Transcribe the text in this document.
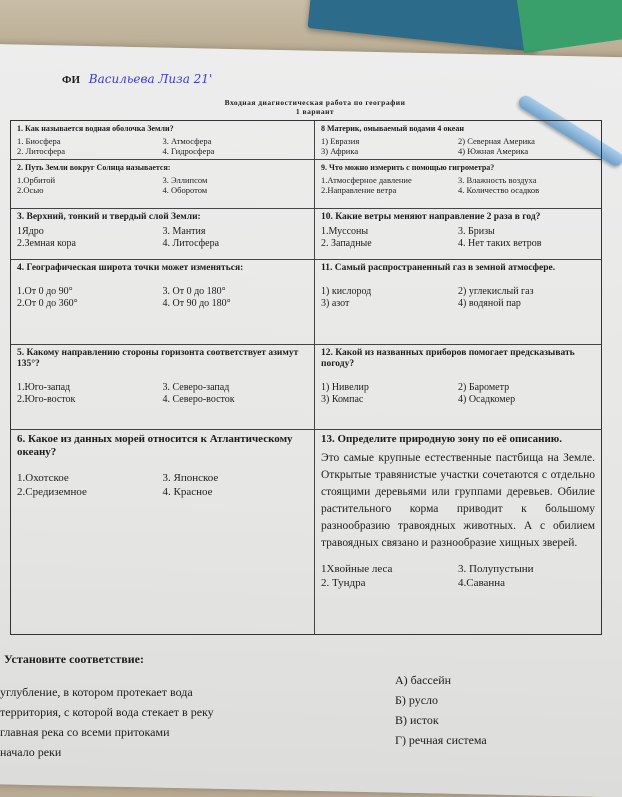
ФИ Васильева Лиза 21'
Входная диагностическая работа по географии
1 вариант
1. Как называется водная оболочка Земли?
1. Биосфера	3. Атмосфера
2. Литосфера	4. Гидросфера
8 Материк, омываемый водами 4 океан
1) Евразия	2) Северная Америка
3) Африка	4) Южная Америка
2. Путь Земли вокруг Солнца называется:
1.Орбитой	3. Эллипсом
2.Осью	4. Оборотом
9. Что можно измерить с помощью гигрометра?
1.Атмосферное давление	3. Влажность воздуха
2.Направление ветра	4. Количество осадков
3. Верхний, тонкий и твердый слой Земли:
1Ядро	3. Мантия
2.Земная кора	4. Литосфера
10. Какие ветры меняют направление 2 раза в год?
1.Муссоны	3. Бризы
2. Западные	4. Нет таких ветров
4. Географическая широта точки может изменяться:
1.От 0 до 90°	3. От 0 до 180°
2.От 0 до 360°	4. От 90 до 180°
11. Самый распространенный газ в земной атмосфере.
1) кислород	2) углекислый газ
3) азот	4) водяной пар
5. Какому направлению стороны горизонта соответствует азимут 135°?
1.Юго-запад	3. Северо-запад
2.Юго-восток	4. Северо-восток
12. Какой из названных приборов помогает предсказывать погоду?
1) Нивелир	2) Барометр
3) Компас	4) Осадкомер
6. Какое из данных морей относится к Атлантическому океану?
1.Охотское	3. Японское
2.Средиземное	4. Красное
13. Определите природную зону по её описанию.
Это самые крупные естественные пастбища на Земле. Открытые травянистые участки сочетаются с отдельно стоящими деревьями или группами деревьев. Обилие растительного корма приводит к большому разнообразию травоядных животных. А с обилием травоядных связано и разнообразие хищных зверей.
1Хвойные леса	3. Полупустыни
2. Тундра	4.Саванна
Установите соответствие:
углубление, в котором протекает вода
территория, с которой вода стекает в реку
главная река со всеми притоками
начало реки
А) бассейн
Б) русло
В) исток
Г) речная система
